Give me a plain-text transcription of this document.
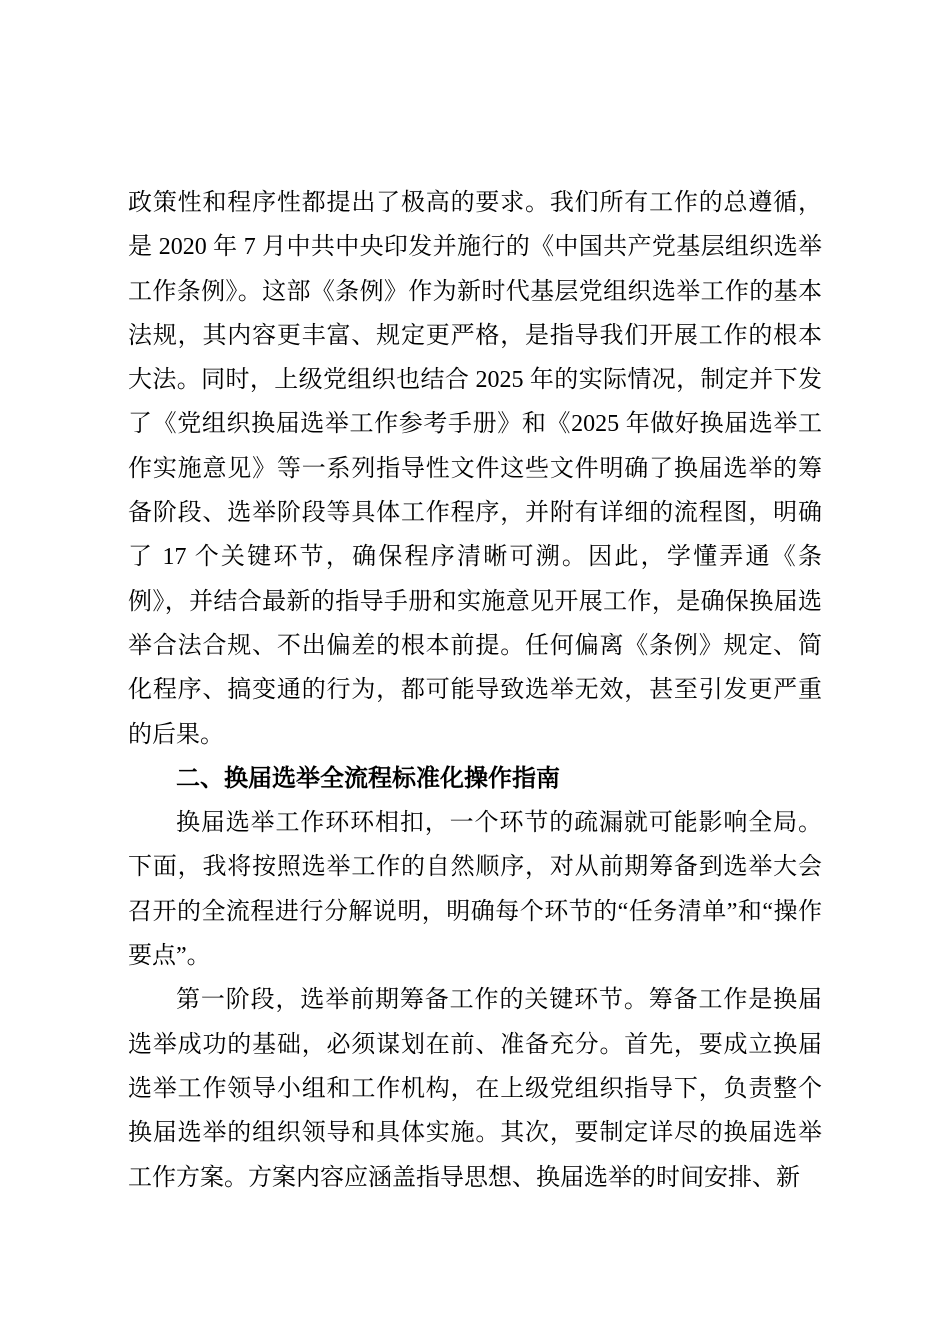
政策性和程序性都提出了极高的要求。我们所有工作的总遵循，是 2020 年 7 月中共中央印发并施行的《中国共产党基层组织选举工作条例》。这部《条例》作为新时代基层党组织选举工作的基本法规，其内容更丰富、规定更严格，是指导我们开展工作的根本大法。同时，上级党组织也结合 2025 年的实际情况，制定并下发了《党组织换届选举工作参考手册》和《2025 年做好换届选举工作实施意见》等一系列指导性文件这些文件明确了换届选举的筹备阶段、选举阶段等具体工作程序，并附有详细的流程图，明确了 17 个关键环节，确保程序清晰可溯。因此，学懂弄通《条例》，并结合最新的指导手册和实施意见开展工作，是确保换届选举合法合规、不出偏差的根本前提。任何偏离《条例》规定、简化程序、搞变通的行为，都可能导致选举无效，甚至引发更严重的后果。

二、换届选举全流程标准化操作指南

换届选举工作环环相扣，一个环节的疏漏就可能影响全局。下面，我将按照选举工作的自然顺序，对从前期筹备到选举大会召开的全流程进行分解说明，明确每个环节的“任务清单”和“操作要点”。

第一阶段，选举前期筹备工作的关键环节。筹备工作是换届选举成功的基础，必须谋划在前、准备充分。首先，要成立换届选举工作领导小组和工作机构，在上级党组织指导下，负责整个换届选举的组织领导和具体实施。其次，要制定详尽的换届选举工作方案。方案内容应涵盖指导思想、换届选举的时间安排、新
